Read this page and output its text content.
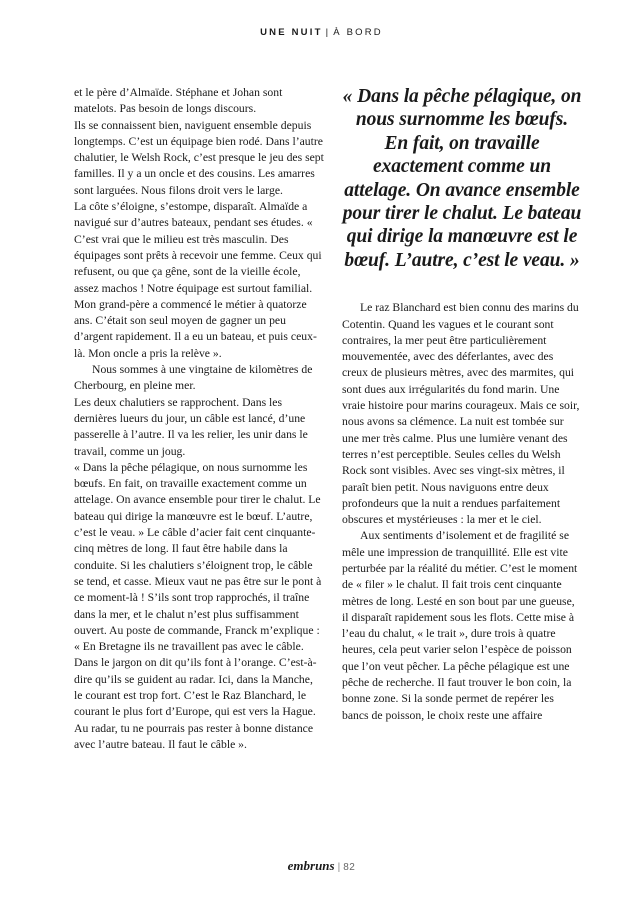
UNE NUIT | À BORD

et le père d’Almaïde. Stéphane et Johan sont matelots. Pas besoin de longs discours.

Ils se connaissent bien, naviguent ensemble depuis longtemps. C’est un équipage bien rodé. Dans l’autre chalutier, le Welsh Rock, c’est presque le jeu des sept familles. Il y a un oncle et des cousins. Les amarres sont larguées. Nous filons droit vers le large.

La côte s’éloigne, s’estompe, disparaît. Almaïde a navigué sur d’autres bateaux, pendant ses études. « C’est vrai que le milieu est très masculin. Des équipages sont prêts à recevoir une femme. Ceux qui refusent, ou que ça gêne, sont de la vieille école, assez machos ! Notre équipage est surtout familial. Mon grand-père a commencé le métier à quatorze ans. C’était son seul moyen de gagner un peu d’argent rapidement. Il a eu un bateau, et puis ceux-là. Mon oncle a pris la relève ».

Nous sommes à une vingtaine de kilomètres de Cherbourg, en pleine mer.

Les deux chalutiers se rapprochent. Dans les dernières lueurs du jour, un câble est lancé, d’une passerelle à l’autre. Il va les relier, les unir dans le travail, comme un joug.

« Dans la pêche pélagique, on nous surnomme les bœufs. En fait, on travaille exactement comme un attelage. On avance ensemble pour tirer le chalut. Le bateau qui dirige la manœuvre est le bœuf. L’autre, c’est le veau. » Le câble d’acier fait cent cinquante-cinq mètres de long. Il faut être habile dans la conduite. Si les chalutiers s’éloignent trop, le câble se tend, et casse. Mieux vaut ne pas être sur le pont à ce moment-là ! S’ils sont trop rapprochés, il traîne dans la mer, et le chalut n’est plus suffisamment ouvert. Au poste de commande, Franck m’explique : « En Bretagne ils ne travaillent pas avec le câble. Dans le jargon on dit qu’ils font à l’orange. C’est-à-dire qu’ils se guident au radar. Ici, dans la Manche, le courant est trop fort. C’est le Raz Blanchard, le courant le plus fort d’Europe, qui est vers la Hague. Au radar, tu ne pourrais pas rester à bonne distance avec l’autre bateau. Il faut le câble ».

« Dans la pêche pélagique, on nous surnomme les bœufs. En fait, on travaille exactement comme un attelage. On avance ensemble pour tirer le chalut. Le bateau qui dirige la manœuvre est le bœuf. L’autre, c’est le veau. »

Le raz Blanchard est bien connu des marins du Cotentin. Quand les vagues et le courant sont contraires, la mer peut être particulièrement mouvementée, avec des déferlantes, avec des creux de plusieurs mètres, avec des marmites, qui sont dues aux irrégularités du fond marin. Une vraie histoire pour marins courageux. Mais ce soir, nous avons sa clémence. La nuit est tombée sur une mer très calme. Plus une lumière venant des terres n’est perceptible. Seules celles du Welsh Rock sont visibles. Avec ses vingt-six mètres, il paraît bien petit. Nous naviguons entre deux profondeurs que la nuit a rendues parfaitement obscures et mystérieuses : la mer et le ciel.

Aux sentiments d’isolement et de fragilité se mêle une impression de tranquillité. Elle est vite perturbée par la réalité du métier. C’est le moment de « filer » le chalut. Il fait trois cent cinquante mètres de long. Lesté en son bout par une gueuse, il disparaît rapidement sous les flots. Cette mise à l’eau du chalut, « le trait », dure trois à quatre heures, cela peut varier selon l’espèce de poisson que l’on veut pêcher. La pêche pélagique est une pêche de recherche. Il faut trouver le bon coin, la bonne zone. Si la sonde permet de repérer les bancs de poisson, le choix reste une affaire

embruns | 82
